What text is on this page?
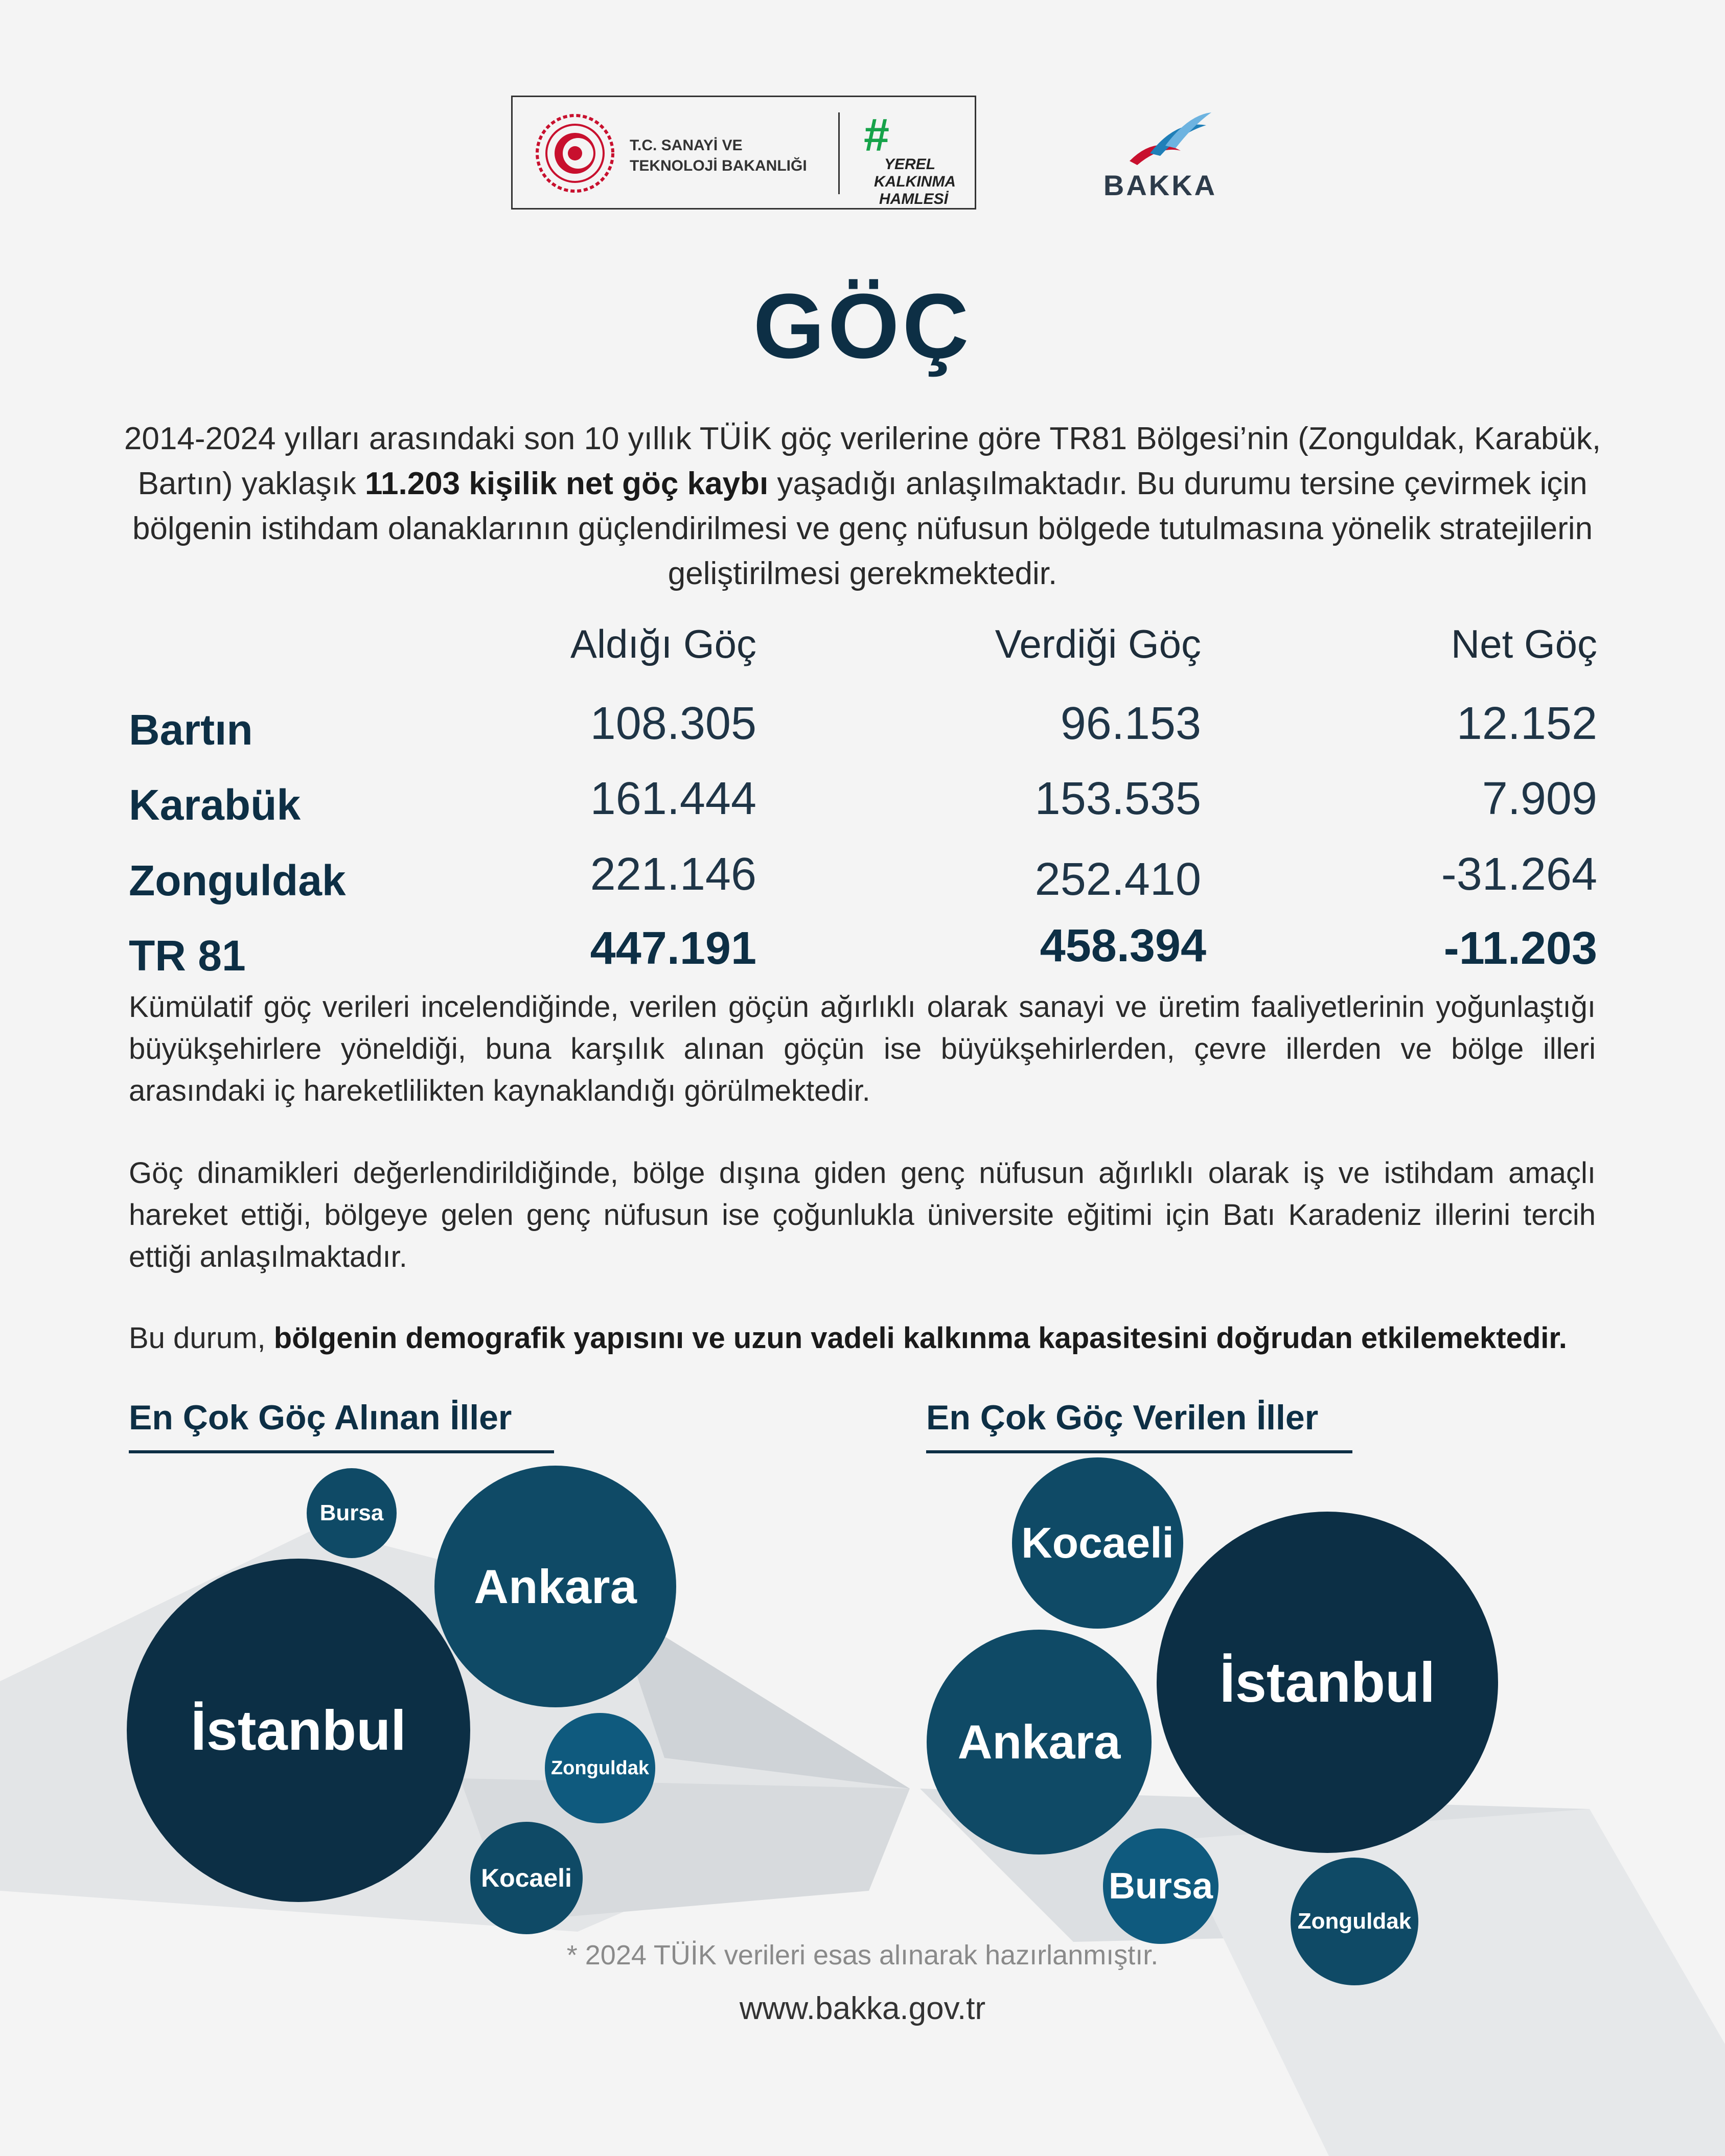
T.C. SANAYİ VE
TEKNOLOJİ BAKANLIĞI
#
YEREL
KALKINMA
HAMLESİ	BAKKA
GÖÇ
2014-2024 yılları arasındaki son 10 yıllık TÜİK göç verilerine göre TR81 Bölgesi’nin (Zonguldak, Karabük, Bartın) yaklaşık 11.203 kişilik net göç kaybı yaşadığı anlaşılmaktadır. Bu durumu tersine çevirmek için bölgenin istihdam olanaklarının güçlendirilmesi ve genç nüfusun bölgede tutulmasına yönelik stratejilerin geliştirilmesi gerekmektedir.
Aldığı Göç	Verdiği Göç	Net Göç
Bartın	108.305	96.153	12.152
Karabük	161.444	153.535	7.909
Zonguldak	221.146	252.410	-31.264
TR 81	447.191	458.394	-11.203
Kümülatif göç verileri incelendiğinde, verilen göçün ağırlıklı olarak sanayi ve üretim faaliyetlerinin yoğunlaştığı büyükşehirlere yöneldiği, buna karşılık alınan göçün ise büyükşehirlerden, çevre illerden ve bölge illeri arasındaki iç hareketlilikten kaynaklandığı görülmektedir.
Göç dinamikleri değerlendirildiğinde, bölge dışına giden genç nüfusun ağırlıklı olarak iş ve istihdam amaçlı hareket ettiği, bölgeye gelen genç nüfusun ise çoğunlukla üniversite eğitimi için Batı Karadeniz illerini tercih ettiği anlaşılmaktadır.
Bu durum, bölgenin demografik yapısını ve uzun vadeli kalkınma kapasitesini doğrudan etkilemektedir.
En Çok Göç Alınan İller	En Çok Göç Verilen İller
İstanbul
Ankara
Bursa
Zonguldak
Kocaeli
İstanbul
Ankara
Kocaeli
Bursa
Zonguldak
* 2024 TÜİK verileri esas alınarak hazırlanmıştır.
www.bakka.gov.tr
